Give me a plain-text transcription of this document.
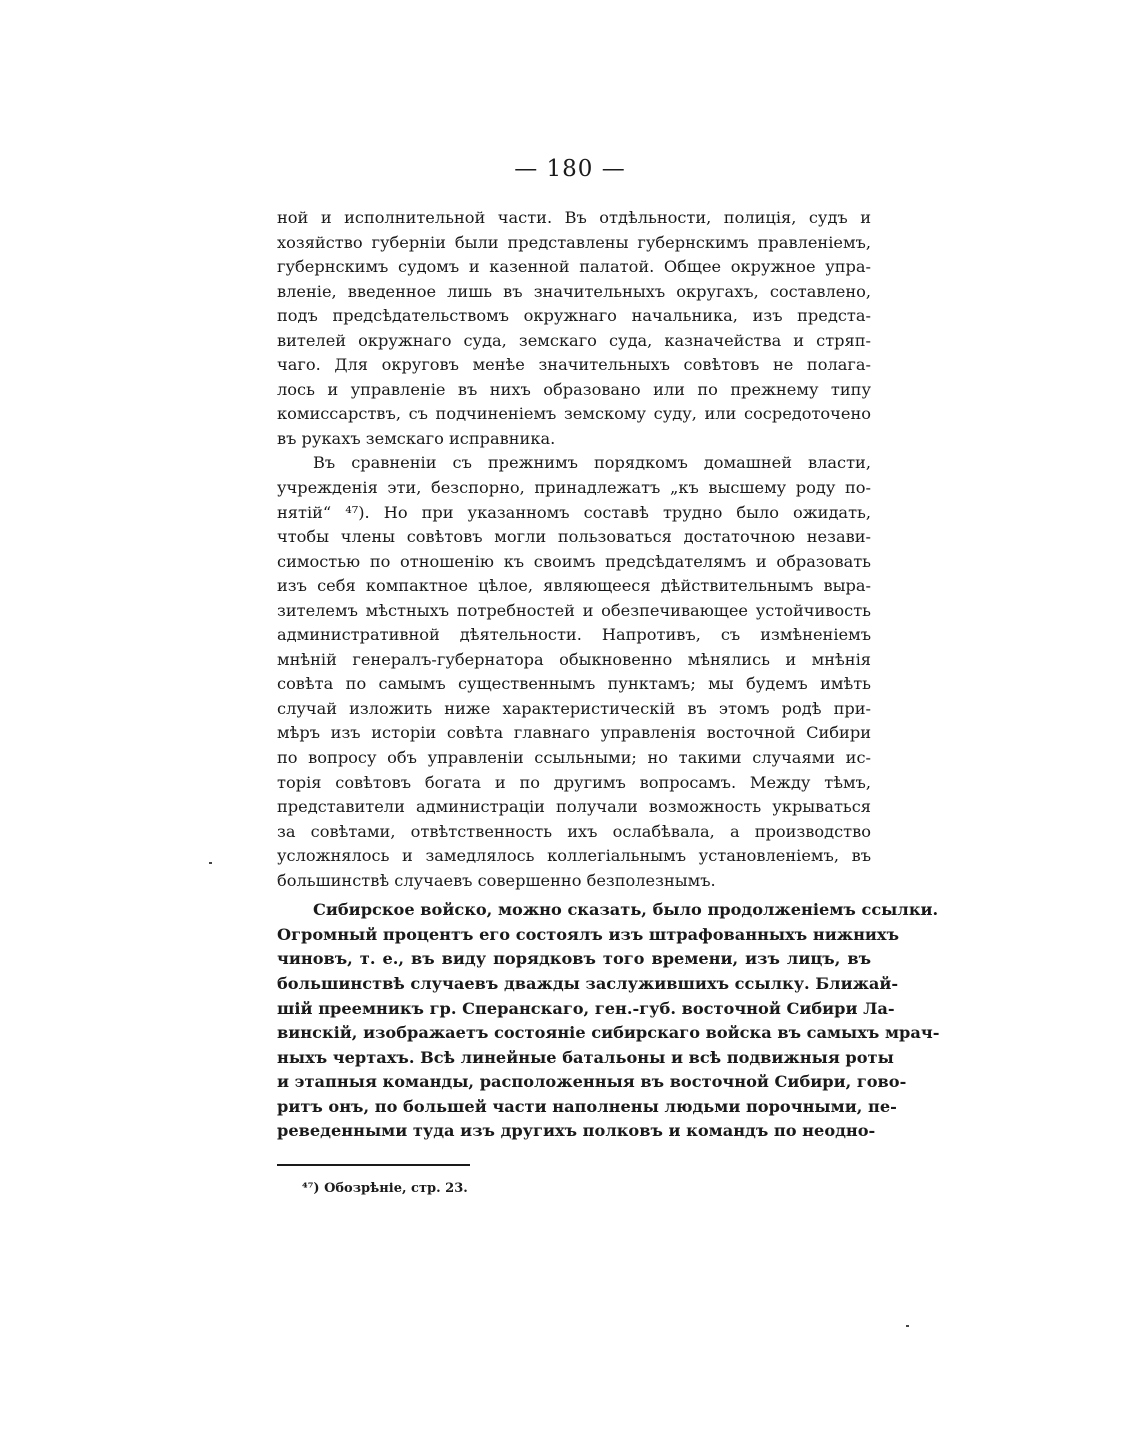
— 180 —
ной и исполнительной части. Въ отдѣльности, полиція, судъ и
хозяйство губерніи были представлены губернскимъ правленіемъ,
губернскимъ судомъ и казенной палатой. Общее окружное упра-
вленіе, введенное лишь въ значительныхъ округахъ, составлено,
подъ предсѣдательствомъ окружнаго начальника, изъ предста-
вителей окружнаго суда, земскаго суда, казначейства и стряп-
чаго. Для округовъ менѣе значительныхъ совѣтовъ не полага-
лось и управленіе въ нихъ образовано или по прежнему типу
комиссарствъ, съ подчиненіемъ земскому суду, или сосредоточено
въ рукахъ земскаго исправника.
Въ сравненіи съ прежнимъ порядкомъ домашней власти,
учрежденія эти, безспорно, принадлежатъ „къ высшему роду по-
нятій“ ⁴⁷). Но при указанномъ составѣ трудно было ожидать,
чтобы члены совѣтовъ могли пользоваться достаточною незави-
симостью по отношенію къ своимъ предсѣдателямъ и образовать
изъ себя компактное цѣлое, являющееся дѣйствительнымъ выра-
зителемъ мѣстныхъ потребностей и обезпечивающее устойчивость
административной дѣятельности. Напротивъ, съ измѣненіемъ
мнѣній генералъ-губернатора обыкновенно мѣнялись и мнѣнія
совѣта по самымъ существеннымъ пунктамъ; мы будемъ имѣть
случай изложить ниже характеристическій въ этомъ родѣ при-
мѣръ изъ исторіи совѣта главнаго управленія восточной Сибири
по вопросу объ управленіи ссыльными; но такими случаями ис-
торія совѣтовъ богата и по другимъ вопросамъ. Между тѣмъ,
представители администраціи получали возможность укрываться
за совѣтами, отвѣтственность ихъ ослабѣвала, а производство
усложнялось и замедлялось коллегіальнымъ установленіемъ, въ
большинствѣ случаевъ совершенно безполезнымъ.
Сибирское войско, можно сказать, было продолженіемъ ссылки.
Огромный процентъ его состоялъ изъ штрафованныхъ нижнихъ
чиновъ, т. е., въ виду порядковъ того времени, изъ лицъ, въ
большинствѣ случаевъ дважды заслужившихъ ссылку. Ближай-
шій преемникъ гр. Сперанскаго, ген.-губ. восточной Сибири Ла-
винскій, изображаетъ состояніе сибирскаго войска въ самыхъ мрач-
ныхъ чертахъ. Всѣ линейные батальоны и всѣ подвижныя роты
и этапныя команды, расположенныя въ восточной Сибири, гово-
ритъ онъ, по большей части наполнены людьми порочными, пе-
реведенными туда изъ другихъ полковъ и командъ по неодно-
⁴⁷) Обозрѣніе, стр. 23.
